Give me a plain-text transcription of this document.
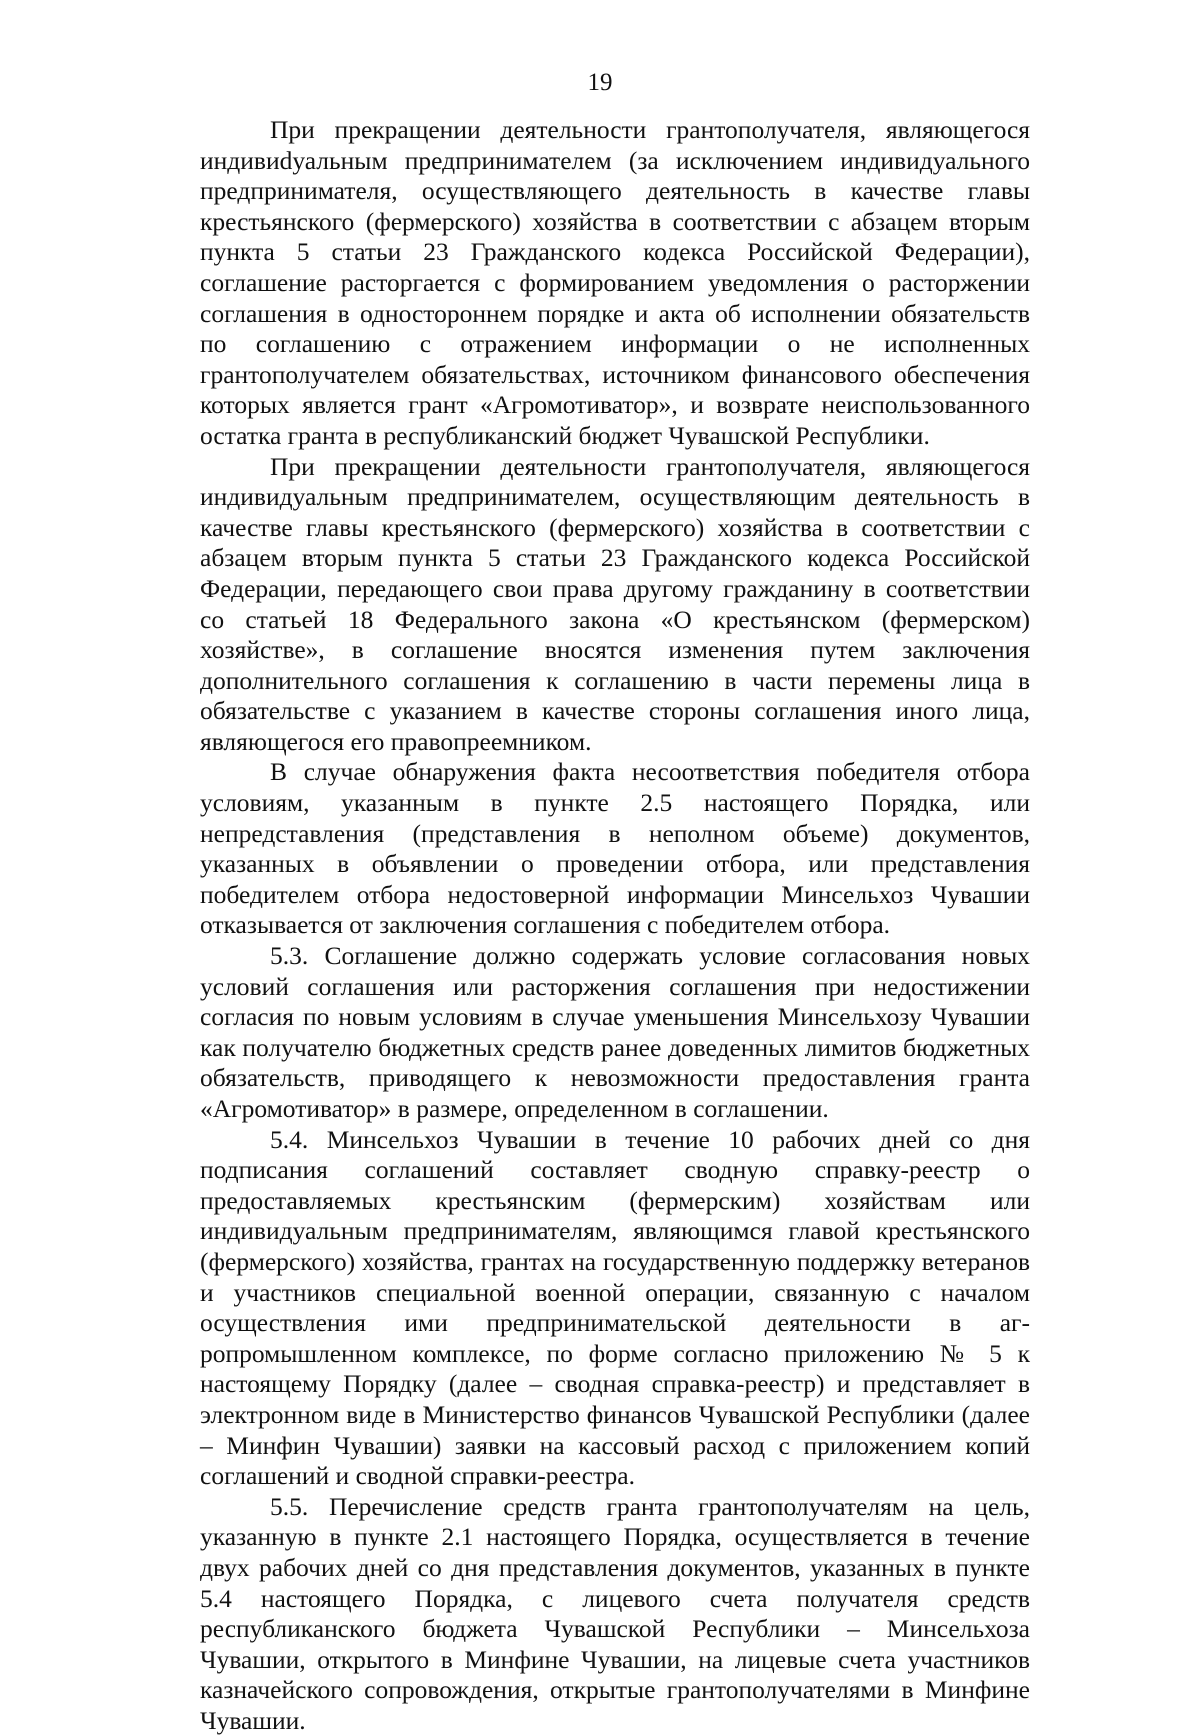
19

При прекращении деятельности грантополучателя, являющегося индивиdуальным предпринимателем (за исключением индивидуального предпринимателя, осуществляющего деятельность в качестве главы крестьянского (фермерского) хозяйства в соответствии с абзацем вторым пункта 5 статьи 23 Гражданского кодекса Российской Федерации), соглашение расторгается с формированием уведомления о расторжении соглашения в одностороннем порядке и акта об исполнении обязательств по соглашению с отражением информации о не исполненных грантополучателем обязательствах, источником финансового обеспечения которых является грант «Агромотиватор», и возврате неиспользованного остатка гранта в республиканский бюджет Чувашской Республики.

При прекращении деятельности грантополучателя, являющегося индивидуальным предпринимателем, осуществляющим деятельность в качестве главы крестьянского (фермерского) хозяйства в соответствии с абзацем вторым пункта 5 статьи 23 Гражданского кодекса Российской Федерации, передающего свои права другому гражданину в соответствии со статьей 18 Федерального закона «О крестьянском (фермерском) хозяйстве», в соглашение вносятся изменения путем заключения дополнительного соглашения к соглашению в части перемены лица в обязательстве с указанием в качестве стороны соглашения иного лица, являющегося его правопреемником.

В случае обнаружения факта несоответствия победителя отбора условиям, указанным в пункте 2.5 настоящего Порядка, или непредставления (представления в неполном объеме) документов, указанных в объявлении о проведении отбора, или представления победителем отбора недостоверной информации Минсельхоз Чувашии отказывается от заключения соглашения с победителем отбора.

5.3. Соглашение должно содержать условие согласования новых условий соглашения или расторжения соглашения при недостижении согласия по новым условиям в случае уменьшения Минсельхозу Чувашии как получателю бюджетных средств ранее доведенных лимитов бюджетных обязательств, приводящего к невозможности предоставления гранта «Агромотиватор» в размере, определенном в соглашении.

5.4. Минсельхоз Чувашии в течение 10 рабочих дней со дня подписания соглашений составляет сводную справку-реестр о предоставляемых крестьянским (фермерским) хозяйствам или индивидуальным предпринимателям, являющимся главой крестьянского (фермерского) хозяйства, грантах на государственную поддержку ветеранов и участников специальной военной операции, связанную с началом осуществления ими предпринимательской деятельности в агропромышленном комплексе, по форме согласно приложению № 5 к настоящему Порядку (далее – сводная справка-реестр) и представляет в электронном виде в Министерство финансов Чувашской Республики (далее – Минфин Чувашии) заявки на кассовый расход с приложением копий соглашений и сводной справки-реестра.

5.5. Перечисление средств гранта грантополучателям на цель, указанную в пункте 2.1 настоящего Порядка, осуществляется в течение двух рабочих дней со дня представления документов, указанных в пункте 5.4 настоящего Порядка, с лицевого счета получателя средств республиканского бюджета Чувашской Республики – Минсельхоза Чувашии, открытого в Минфине Чувашии, на лицевые счета участников казначейского сопровождения, открытые грантополучателями в Минфине Чувашии.
